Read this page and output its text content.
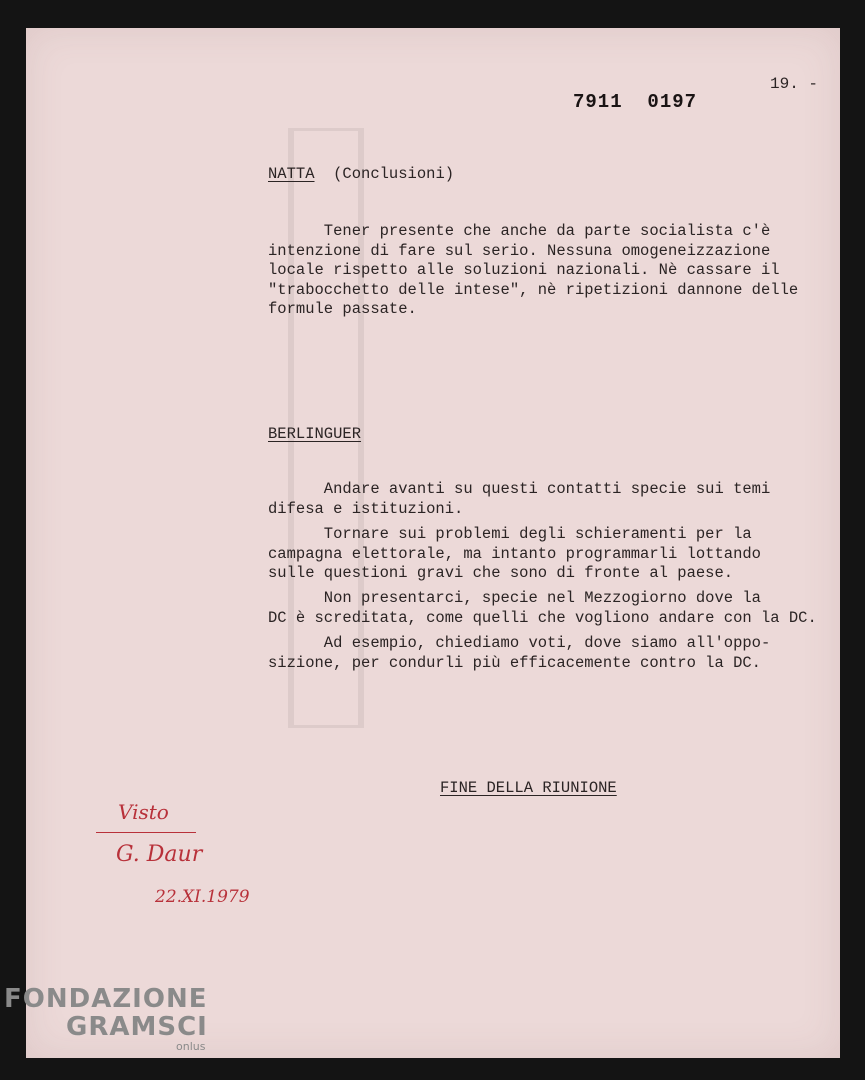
7911  0197
19. -
NATTA (Conclusioni)
Tener presente che anche da parte socialista c'è
intenzione di fare sul serio. Nessuna omogeneizzazione
locale rispetto alle soluzioni nazionali. Nè cassare il
"trabocchetto delle intese", nè ripetizioni dannone delle
formule passate.
BERLINGUER
Andare avanti su questi contatti specie sui temi
difesa e istituzioni.
Tornare sui problemi degli schieramenti per la
campagna elettorale, ma intanto programmarli lottando
sulle questioni gravi che sono di fronte al paese.
Non presentarci, specie nel Mezzogiorno dove la
DC è screditata, come quelli che vogliono andare con la DC.
Ad esempio, chiediamo voti, dove siamo all'oppo-
sizione, per condurli più efficacemente contro la DC.
FINE DELLA RIUNIONE
Visto
G. Daur
22.XI.1979
FONDAZIONE
GRAMSCI
onlus
